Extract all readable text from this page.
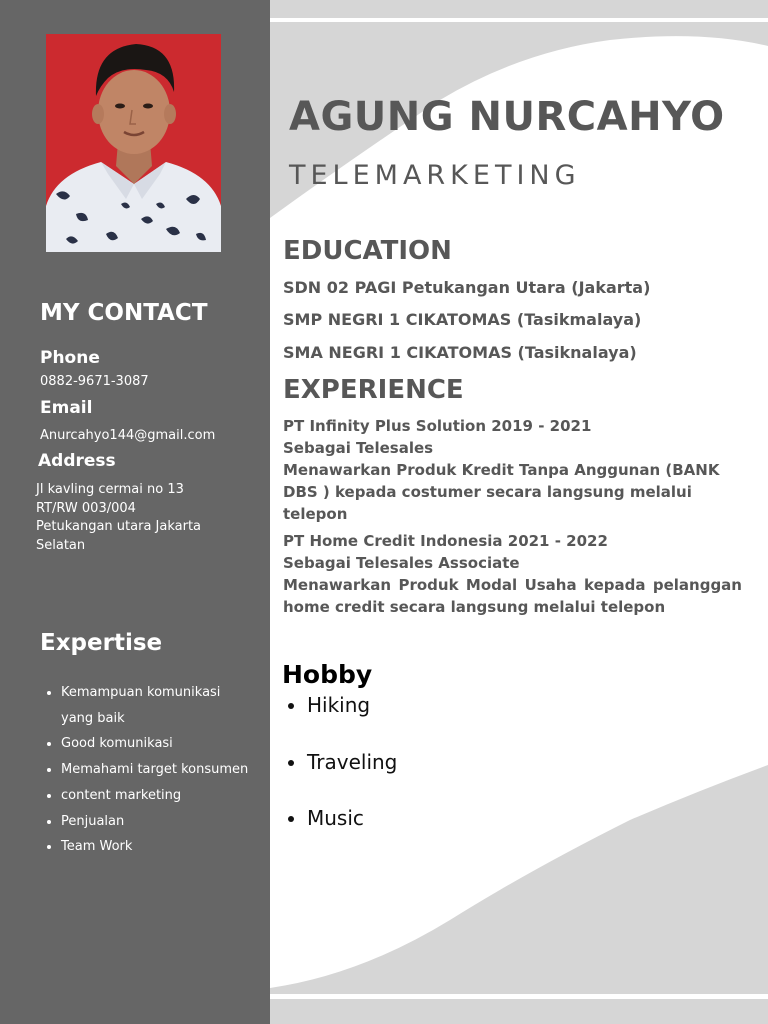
MY CONTACT
Phone
0882-9671-3087
Email
Anurcahyo144@gmail.com
Address
Jl kavling cermai no 13
RT/RW 003/004
Petukangan utara Jakarta
Selatan
Expertise
• Kemampuan komunikasi yang baik
• Good komunikasi
• Memahami target konsumen
• content marketing
• Penjualan
• Team Work
AGUNG NURCAHYO
TELEMARKETING
EDUCATION
SDN 02 PAGI Petukangan Utara (Jakarta)
SMP NEGRI 1 CIKATOMAS (Tasikmalaya)
SMA NEGRI 1 CIKATOMAS (Tasiknalaya)
EXPERIENCE
PT Infinity Plus Solution 2019 - 2021
Sebagai Telesales
Menawarkan Produk Kredit Tanpa Anggunan (BANK DBS ) kepada costumer secara langsung melalui telepon
PT Home Credit Indonesia 2021 - 2022
Sebagai Telesales Associate
Menawarkan Produk Modal Usaha kepada pelanggan home credit secara langsung melalui telepon
Hobby
• Hiking
• Traveling
• Music
